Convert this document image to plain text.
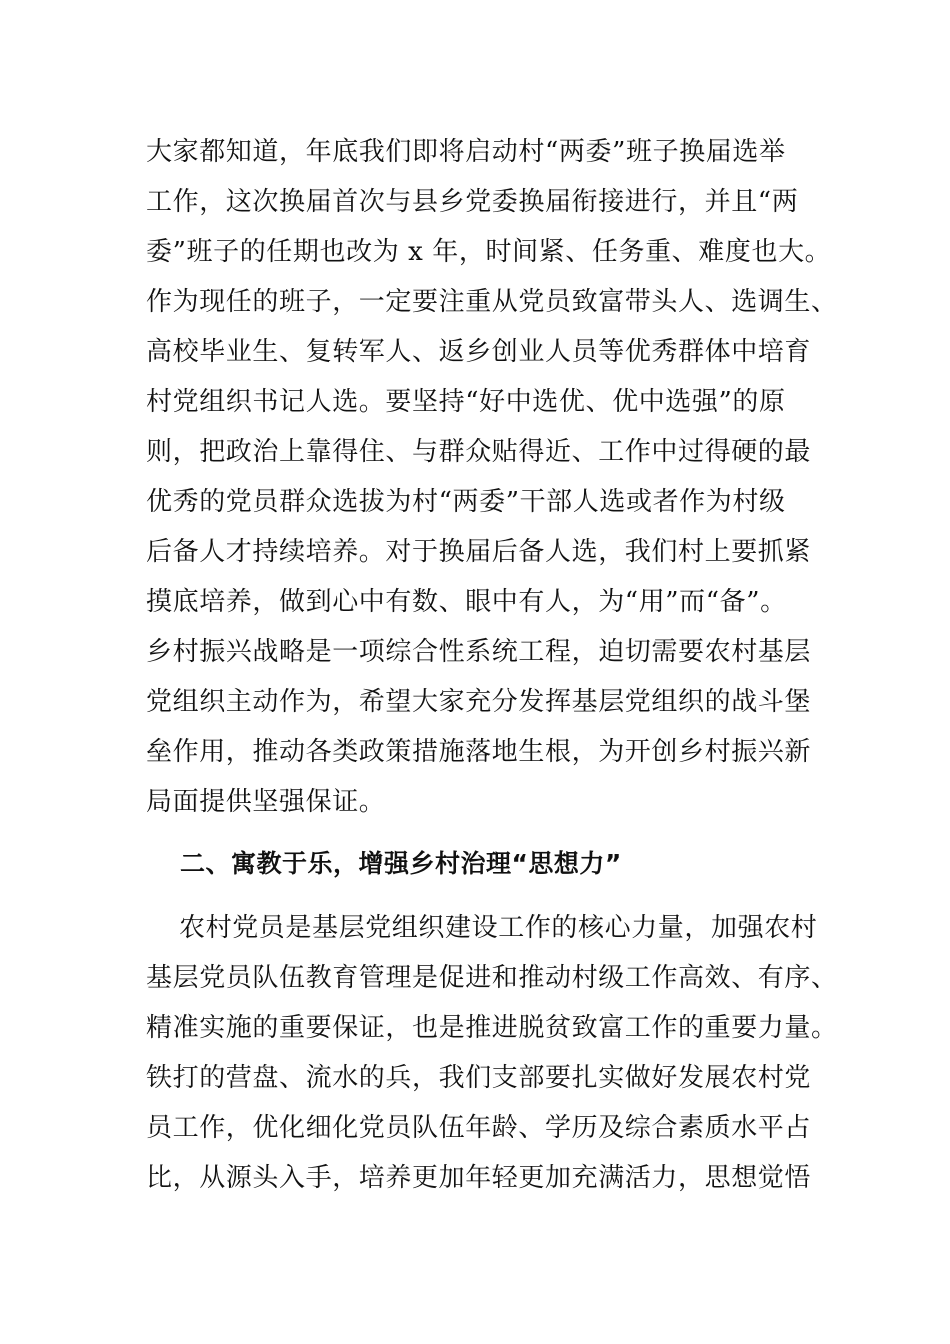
大家都知道，年底我们即将启动村“两委”班子换届选举
工作，这次换届首次与县乡党委换届衔接进行，并且“两
委”班子的任期也改为 x 年，时间紧、任务重、难度也大。
作为现任的班子，一定要注重从党员致富带头人、选调生、
高校毕业生、复转军人、返乡创业人员等优秀群体中培育
村党组织书记人选。要坚持“好中选优、优中选强”的原
则，把政治上靠得住、与群众贴得近、工作中过得硬的最
优秀的党员群众选拔为村“两委”干部人选或者作为村级
后备人才持续培养。对于换届后备人选，我们村上要抓紧
摸底培养，做到心中有数、眼中有人，为“用”而“备”。
乡村振兴战略是一项综合性系统工程，迫切需要农村基层
党组织主动作为，希望大家充分发挥基层党组织的战斗堡
垒作用，推动各类政策措施落地生根，为开创乡村振兴新
局面提供坚强保证。
二、寓教于乐，增强乡村治理“思想力”
农村党员是基层党组织建设工作的核心力量，加强农村
基层党员队伍教育管理是促进和推动村级工作高效、有序、
精准实施的重要保证，也是推进脱贫致富工作的重要力量。
铁打的营盘、流水的兵，我们支部要扎实做好发展农村党
员工作，优化细化党员队伍年龄、学历及综合素质水平占
比，从源头入手，培养更加年轻更加充满活力，思想觉悟
